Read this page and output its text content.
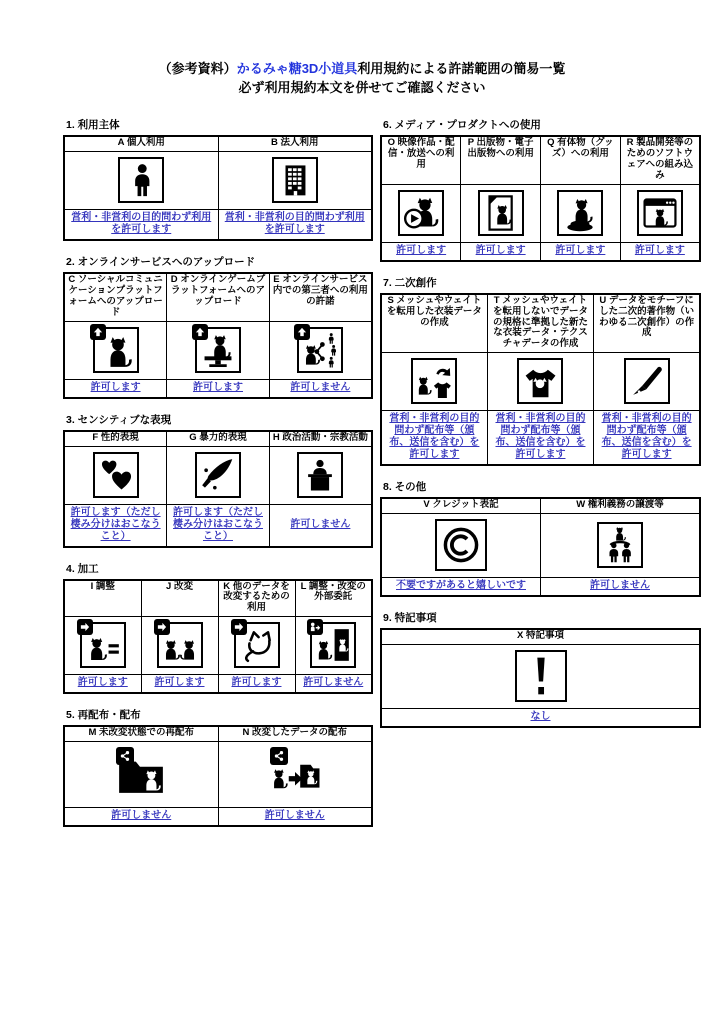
（参考資料）かるみゃ糖3D小道具利用規約による許諾範囲の簡易一覧
必ず利用規約本文を併せてご確認ください
1. 利用主体
A 個人利用	B 法人利用

営利・非営利の目的問わず利用を許可します	営利・非営利の目的問わず利用を許可します
2. オンラインサービスへのアップロード
C ソーシャルコミュニケーションプラットフォームへのアップロード	D オンラインゲームプラットフォームへのアップロード	E オンラインサービス内での第三者への利用の許諾

許可します	許可します	許可しません
3. センシティブな表現
F 性的表現	G 暴力的表現	H 政治活動・宗教活動

許可します（ただし棲み分けはおこなうこと）	許可します（ただし棲み分けはおこなうこと）	許可しません
4. 加工
I 調整	J 改変	K 他のデータを改変するための利用	L 調整・改変の外部委託

許可します	許可します	許可します	許可しません
5. 再配布・配布
M 未改変状態での再配布	N 改変したデータの配布

許可しません	許可しません
6. メディア・プロダクトへの使用
O 映像作品・配信・放送への利用	P 出版物・電子出版物への利用	Q 有体物（グッズ）への利用	R 製品開発等のためのソフトウェアへの組み込み

許可します	許可します	許可します	許可します
7. 二次創作
S メッシュやウェイトを転用した衣装データの作成	T メッシュやウェイトを転用しないでデータの規格に準拠した新たな衣装データ・テクスチャデータの作成	U データをモチーフにした二次的著作物（いわゆる二次創作）の作成

営利・非営利の目的問わず配布等（頒布、送信を含む）を許可します	営利・非営利の目的問わず配布等（頒布、送信を含む）を許可します	営利・非営利の目的問わず配布等（頒布、送信を含む）を許可します
8. その他
V クレジット表記	W 権利義務の譲渡等

不要ですがあると嬉しいです	許可しません
9. 特記事項
X 特記事項

なし
